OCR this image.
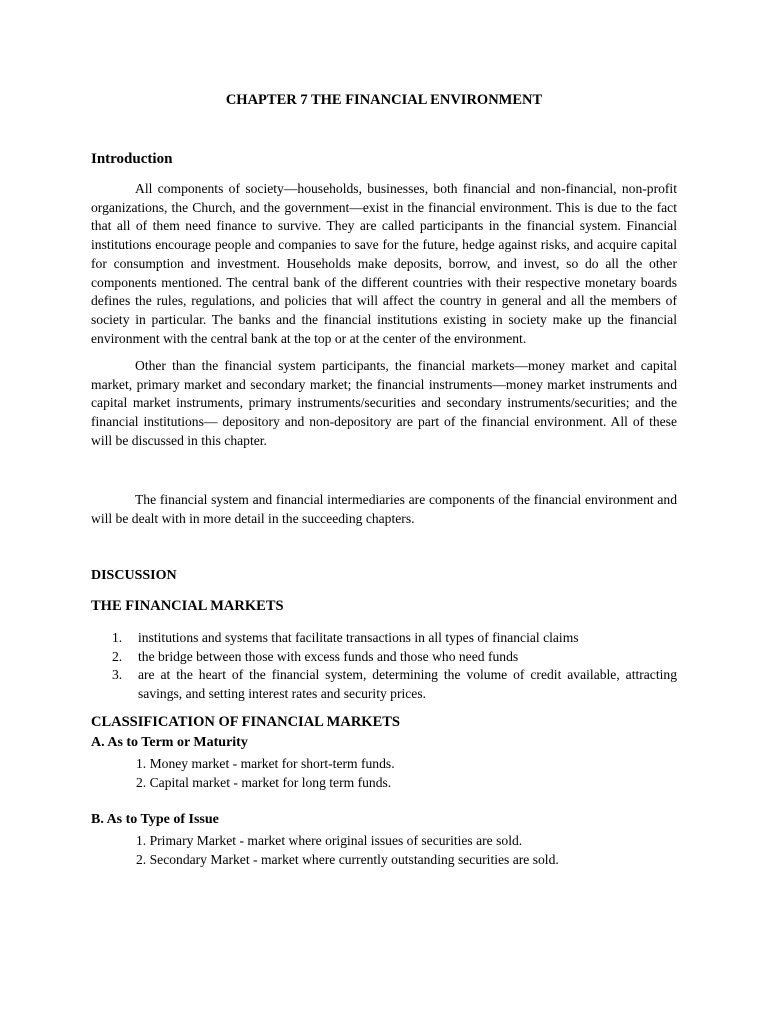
CHAPTER 7 THE FINANCIAL ENVIRONMENT
Introduction

All components of society—households, businesses, both financial and non-financial, non-profit organizations, the Church, and the government—exist in the financial environment. This is due to the fact that all of them need finance to survive. They are called participants in the financial system. Financial institutions encourage people and companies to save for the future, hedge against risks, and acquire capital for consumption and investment. Households make deposits, borrow, and invest, so do all the other components mentioned. The central bank of the different countries with their respective monetary boards defines the rules, regulations, and policies that will affect the country in general and all the members of society in particular. The banks and the financial institutions existing in society make up the financial environment with the central bank at the top or at the center of the environment.

Other than the financial system participants, the financial markets—money market and capital market, primary market and secondary market; the financial instruments—money market instruments and capital market instruments, primary instruments/securities and secondary instruments/securities; and the financial institutions— depository and non-depository are part of the financial environment. All of these will be discussed in this chapter.

The financial system and financial intermediaries are components of the financial environment and will be dealt with in more detail in the succeeding chapters.

DISCUSSION
THE FINANCIAL MARKETS
1. institutions and systems that facilitate transactions in all types of financial claims
2. the bridge between those with excess funds and those who need funds
3. are at the heart of the financial system, determining the volume of credit available, attracting savings, and setting interest rates and security prices.
CLASSIFICATION OF FINANCIAL MARKETS
A. As to Term or Maturity
1. Money market - market for short-term funds.
2. Capital market - market for long term funds.
B. As to Type of Issue
1. Primary Market - market where original issues of securities are sold.
2. Secondary Market - market where currently outstanding securities are sold.
